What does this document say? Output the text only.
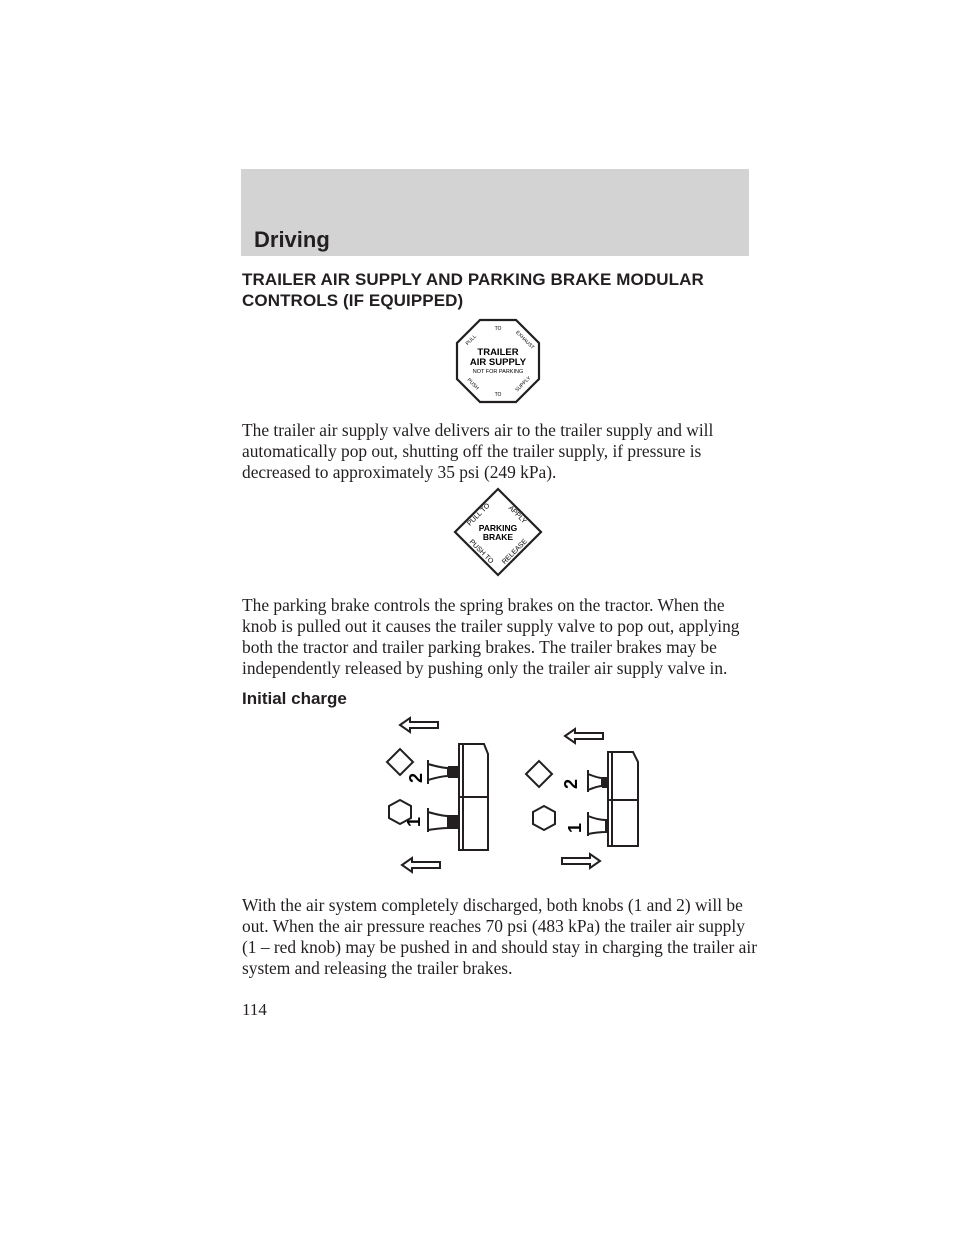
Driving
TRAILER AIR SUPPLY AND PARKING BRAKE MODULAR CONTROLS (IF EQUIPPED)
PULL
TO
EXHAUST
TRAILER
AIR SUPPLY
NOT FOR PARKING
PUSH
TO
SUPPLY
The trailer air supply valve delivers air to the trailer supply and will automatically pop out, shutting off the trailer supply, if pressure is decreased to approximately 35 psi (249 kPa).
PULL TO APPLY
PARKING
BRAKE
PUSH TO RELEASE
The parking brake controls the spring brakes on the tractor. When the knob is pulled out it causes the trailer supply valve to pop out, applying both the tractor and trailer parking brakes. The trailer brakes may be independently released by pushing only the trailer air supply valve in.
Initial charge
2
1
2
1
With the air system completely discharged, both knobs (1 and 2) will be out. When the air pressure reaches 70 psi (483 kPa) the trailer air supply (1 – red knob) may be pushed in and should stay in charging the trailer air system and releasing the trailer brakes.
114
